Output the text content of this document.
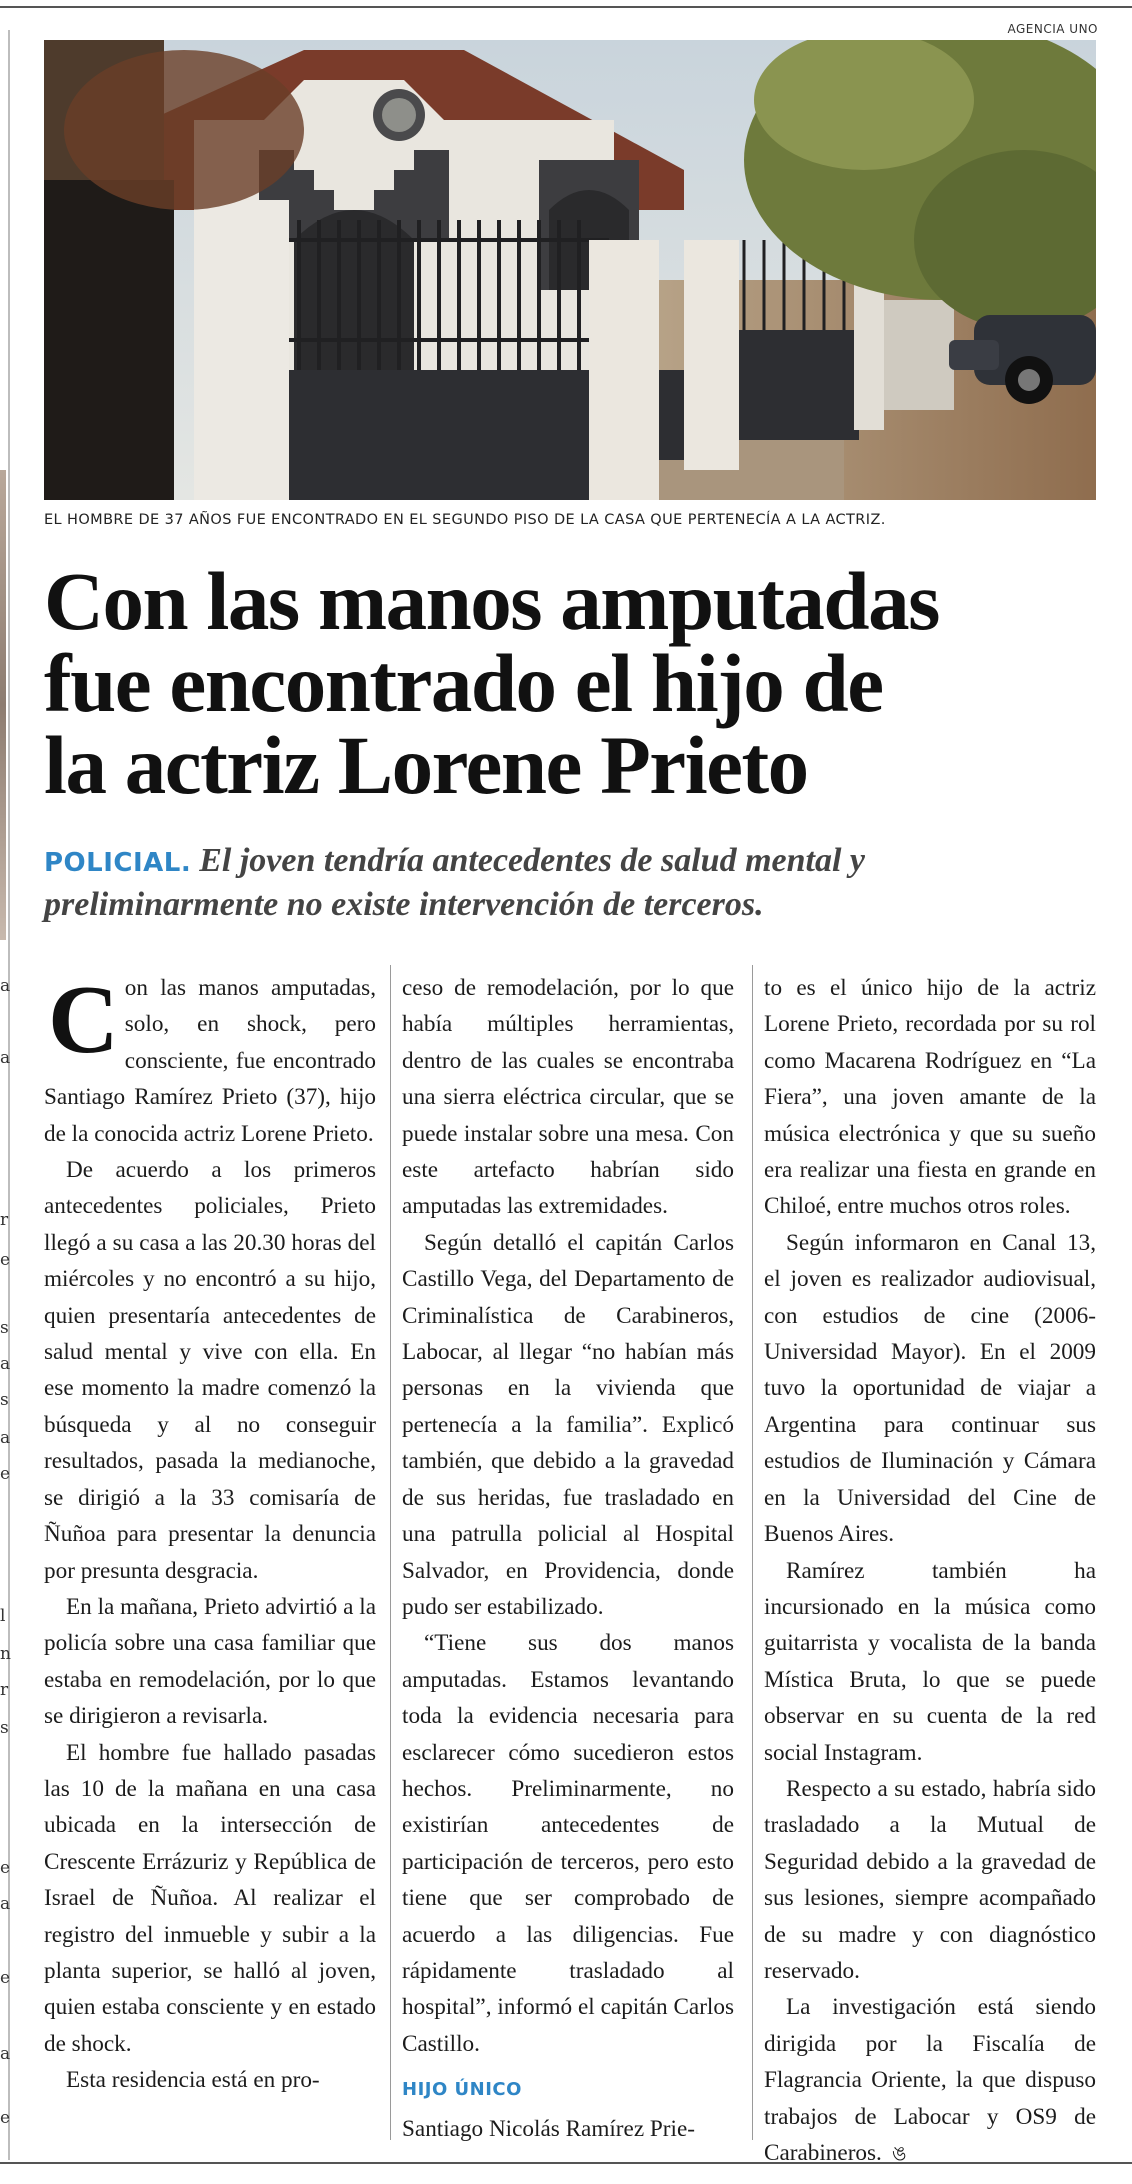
a
a
r
e
s
a
s
a
e
l
n
r
s
e
a
e
a
e
AGENCIA UNO
EL HOMBRE DE 37 AÑOS FUE ENCONTRADO EN EL SEGUNDO PISO DE LA CASA QUE PERTENECÍA A LA ACTRIZ.
Con las manos amputadas
fue encontrado el hijo de
la actriz Lorene Prieto
POLICIAL. El joven tendría antecedentes de salud mental y preliminarmente no existe intervención de terceros.

Con las manos amputadas, solo, en shock, pero consciente, fue encontrado Santiago Ramírez Prieto (37), hijo de la conocida actriz Lorene Prieto.

De acuerdo a los primeros antecedentes policiales, Prieto llegó a su casa a las 20.30 horas del miércoles y no encontró a su hijo, quien presentaría antecedentes de salud mental y vive con ella. En ese momento la madre comenzó la búsqueda y al no conseguir resultados, pasada la medianoche, se dirigió a la 33 comisaría de Ñuñoa para presentar la denuncia por presunta desgracia.

En la mañana, Prieto advirtió a la policía sobre una casa familiar que estaba en remodelación, por lo que se dirigieron a revisarla.

El hombre fue hallado pasadas las 10 de la mañana en una casa ubicada en la intersección de Crescente Errázuriz y República de Israel de Ñuñoa. Al realizar el registro del inmueble y subir a la planta superior, se halló al joven, quien estaba consciente y en estado de shock.

Esta residencia está en pro-

ceso de remodelación, por lo que había múltiples herramientas, dentro de las cuales se encontraba una sierra eléctrica circular, que se puede instalar sobre una mesa. Con este artefacto habrían sido amputadas las extremidades.

Según detalló el capitán Carlos Castillo Vega, del Departamento de Criminalística de Carabineros, Labocar, al llegar “no habían más personas en la vivienda que pertenecía a la familia”. Explicó también, que debido a la gravedad de sus heridas, fue trasladado en una patrulla policial al Hospital Salvador, en Providencia, donde pudo ser estabilizado.

“Tiene sus dos manos amputadas. Estamos levantando toda la evidencia necesaria para esclarecer cómo sucedieron estos hechos. Preliminarmente, no existirían antecedentes de participación de terceros, pero esto tiene que ser comprobado de acuerdo a las diligencias. Fue rápidamente trasladado al hospital”, informó el capitán Carlos Castillo.

HIJO ÚNICO

Santiago Nicolás Ramírez Prie-

to es el único hijo de la actriz Lorene Prieto, recordada por su rol como Macarena Rodríguez en “La Fiera”, una joven amante de la música electrónica y que su sueño era realizar una fiesta en grande en Chiloé, entre muchos otros roles.

Según informaron en Canal 13, el joven es realizador audiovisual, con estudios de cine (2006-Universidad Mayor). En el 2009 tuvo la oportunidad de viajar a Argentina para continuar sus estudios de Iluminación y Cámara en la Universidad del Cine de Buenos Aires.

Ramírez también ha incursionado en la música como guitarrista y vocalista de la banda Mística Bruta, lo que se puede observar en su cuenta de la red social Instagram.

Respecto a su estado, habría sido trasladado a la Mutual de Seguridad debido a la gravedad de sus lesiones, siempre acompañado de su madre y con diagnóstico reservado.

La investigación está siendo dirigida por la Fiscalía de Flagrancia Oriente, la que dispuso trabajos de Labocar y OS9 de Carabineros. ঙ
